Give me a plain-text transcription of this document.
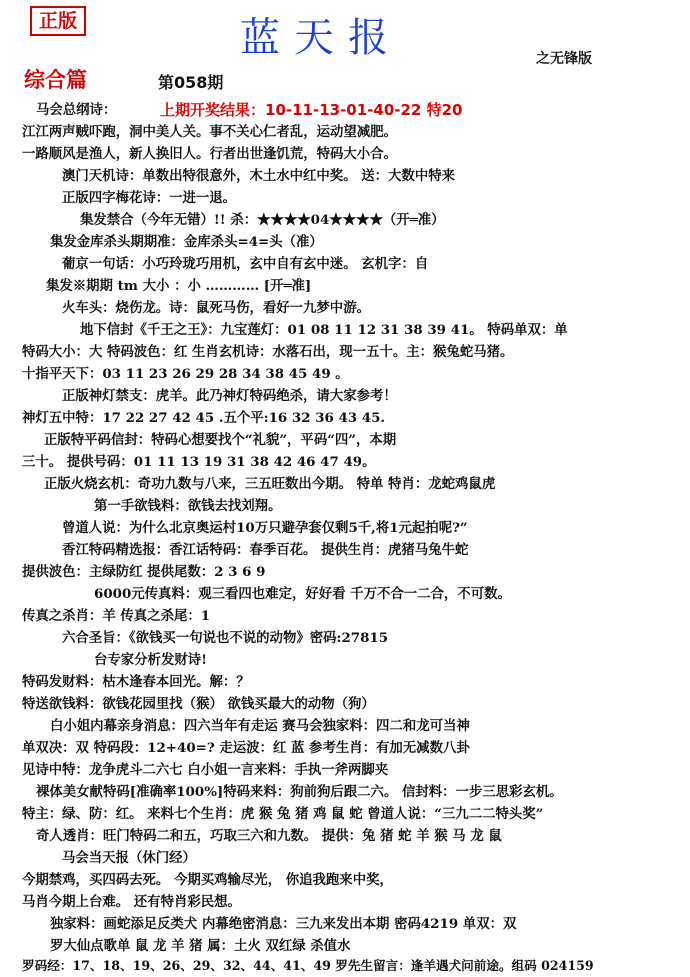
正版	蓝天报	之无锋版
综合篇	第058期
马会总纲诗：	上期开奖结果：10-11-13-01-40-22 特20
江江两声贼吓跑，洞中美人关。事不关心仁者乱，运动望减肥。
一路顺风是渔人，新人换旧人。行者出世逢饥荒，特码大小合。
澳门天机诗：单数出特很意外，木土水中红中奖。 送：大数中特来
正版四字梅花诗：一进一退。
集发禁合（今年无错）!! 杀：★★★★04★★★★（开═准）
集发金库杀头期期准：金库杀头=4=头（准）
葡京一句话：小巧玲珑巧用机，玄中自有玄中迷。 玄机字：自
集发※期期 tm 大小 ：小 ………… [开═准]
火车头：烧伤龙。诗：鼠死马伤，看好一九梦中游。
地下信封《千王之王》：九宝莲灯：01 08 11 12 31 38 39 41。 特码单双：单
特码大小：大 特码波色：红 生肖玄机诗：水落石出，现一五十。主：猴兔蛇马猪。
十指平天下：03 11 23 26 29 28 34 38 45 49 。
正版神灯禁支：虎羊。此乃神灯特码绝杀，请大家参考！
神灯五中特：17 22 27 42 45 .五个平:16 32 36 43 45.
正版特平码信封：特码心想要找个“礼貌”，平码“四”，本期
三十。 提供号码：01 11 13 19 31 38 42 46 47 49。
正版火烧玄机：奇功九数与八来，三五旺数出今期。 特单 特肖：龙蛇鸡鼠虎
第一手欲钱料：欲钱去找刘翔。
曾道人说：为什么北京奥运村10万只避孕套仅剩5千,将1元起拍呢?”
香江特码精选报：香江话特码：春季百花。 提供生肖：虎猪马兔牛蛇
提供波色：主绿防红 提供尾数：2 3 6 9
6000元传真料：观三看四也难定，好好看 千万不合一二合，不可数。
传真之杀肖：羊 传真之杀尾：1
六合圣旨：《欲钱买一句说也不说的动物》密码:27815
台专家分析发财诗!
特码发财料：枯木逢春本回光。解：？
特送欲钱料：欲钱花园里找（猴） 欲钱买最大的动物（狗）
白小姐内幕亲身消息：四六当年有走运 赛马会独家料：四二和龙可当神
单双决：双 特码段：12+40=? 走运波：红 蓝 参考生肖：有加无减数八卦
见诗中特：龙争虎斗二六七 白小姐一言来料：手执一斧两脚夹
裸体美女献特码[准确率100%]特码来料：狗前狗后跟二六。 信封料：一步三思彩玄机。
特主：绿、防：红。 来料七个生肖：虎 猴 兔 猪 鸡 鼠 蛇 曾道人说：“三九二二特头奖”
奇人透肖：旺门特码二和五，巧取三六和九数。 提供：兔 猪 蛇 羊 猴 马 龙 鼠
马会当天报（休门经）
今期禁鸡，买四码去死。 今期买鸡输尽光， 你追我跑来中奖，
马肖今期上台难。 还有特肖彩民想。
独家料：画蛇添足反类犬 内幕绝密消息：三九来发出本期 密码4219 单双：双
罗大仙点歌单 鼠 龙 羊 猪 属：土火 双红绿 杀值水
罗码经：17、18、19、26、29、32、44、41、49 罗先生留言：逢羊遇犬问前途。组码 024159
